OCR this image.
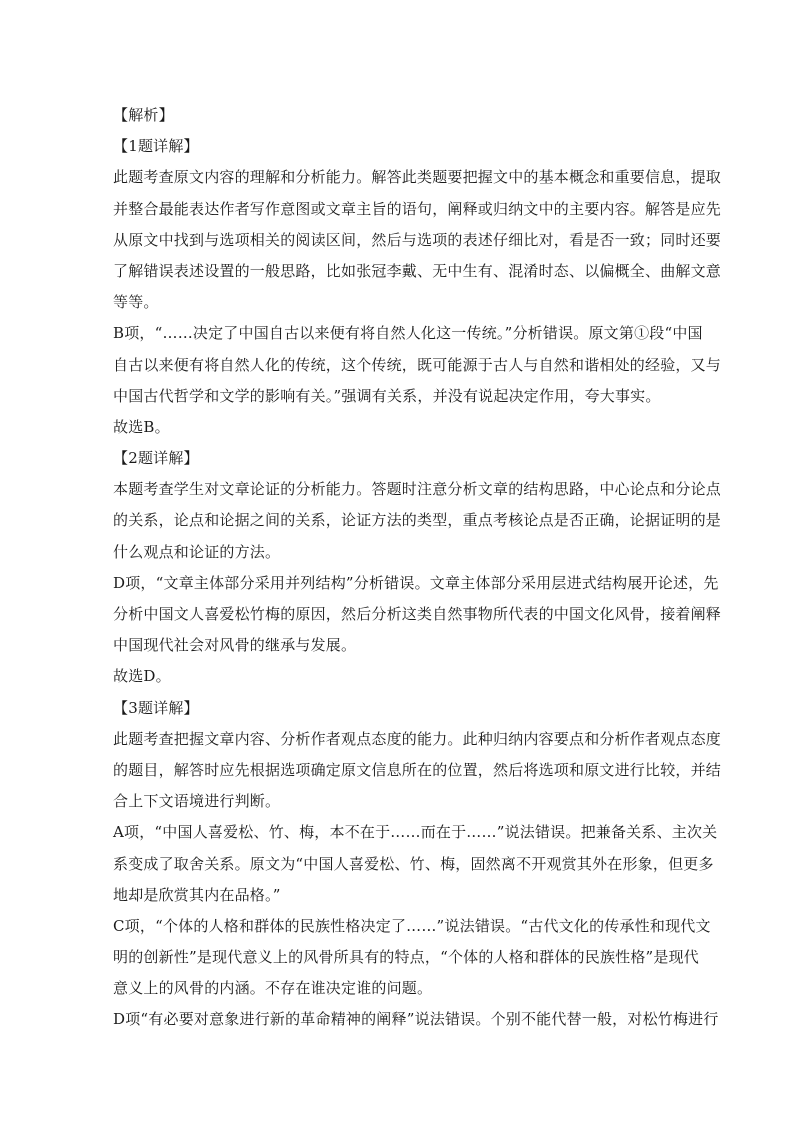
【解析】
【1题详解】
此题考查原文内容的理解和分析能力。解答此类题要把握文中的基本概念和重要信息，提取
并整合最能表达作者写作意图或文章主旨的语句，阐释或归纳文中的主要内容。解答是应先
从原文中找到与选项相关的阅读区间，然后与选项的表述仔细比对，看是否一致；同时还要
了解错误表述设置的一般思路，比如张冠李戴、无中生有、混淆时态、以偏概全、曲解文意
等等。
B项，“……决定了中国自古以来便有将自然人化这一传统。”分析错误。原文第①段“中国
自古以来便有将自然人化的传统，这个传统，既可能源于古人与自然和谐相处的经验，又与
中国古代哲学和文学的影响有关。”强调有关系，并没有说起决定作用，夸大事实。
故选B。
【2题详解】
本题考查学生对文章论证的分析能力。答题时注意分析文章的结构思路，中心论点和分论点
的关系，论点和论据之间的关系，论证方法的类型，重点考核论点是否正确，论据证明的是
什么观点和论证的方法。
D项，“文章主体部分采用并列结构”分析错误。文章主体部分采用层进式结构展开论述，先
分析中国文人喜爱松竹梅的原因，然后分析这类自然事物所代表的中国文化风骨，接着阐释
中国现代社会对风骨的继承与发展。
故选D。
【3题详解】
此题考查把握文章内容、分析作者观点态度的能力。此种归纳内容要点和分析作者观点态度
的题目，解答时应先根据选项确定原文信息所在的位置，然后将选项和原文进行比较，并结
合上下文语境进行判断。
A项，“中国人喜爱松、竹、梅，本不在于……而在于……”说法错误。把兼备关系、主次关
系变成了取舍关系。原文为“中国人喜爱松、竹、梅，固然离不开观赏其外在形象，但更多
地却是欣赏其内在品格。”
C项，“个体的人格和群体的民族性格决定了……”说法错误。“古代文化的传承性和现代文
明的创新性”是现代意义上的风骨所具有的特点，“个体的人格和群体的民族性格”是现代
意义上的风骨的内涵。不存在谁决定谁的问题。
D项“有必要对意象进行新的革命精神的阐释”说法错误。个别不能代替一般，对松竹梅进行
